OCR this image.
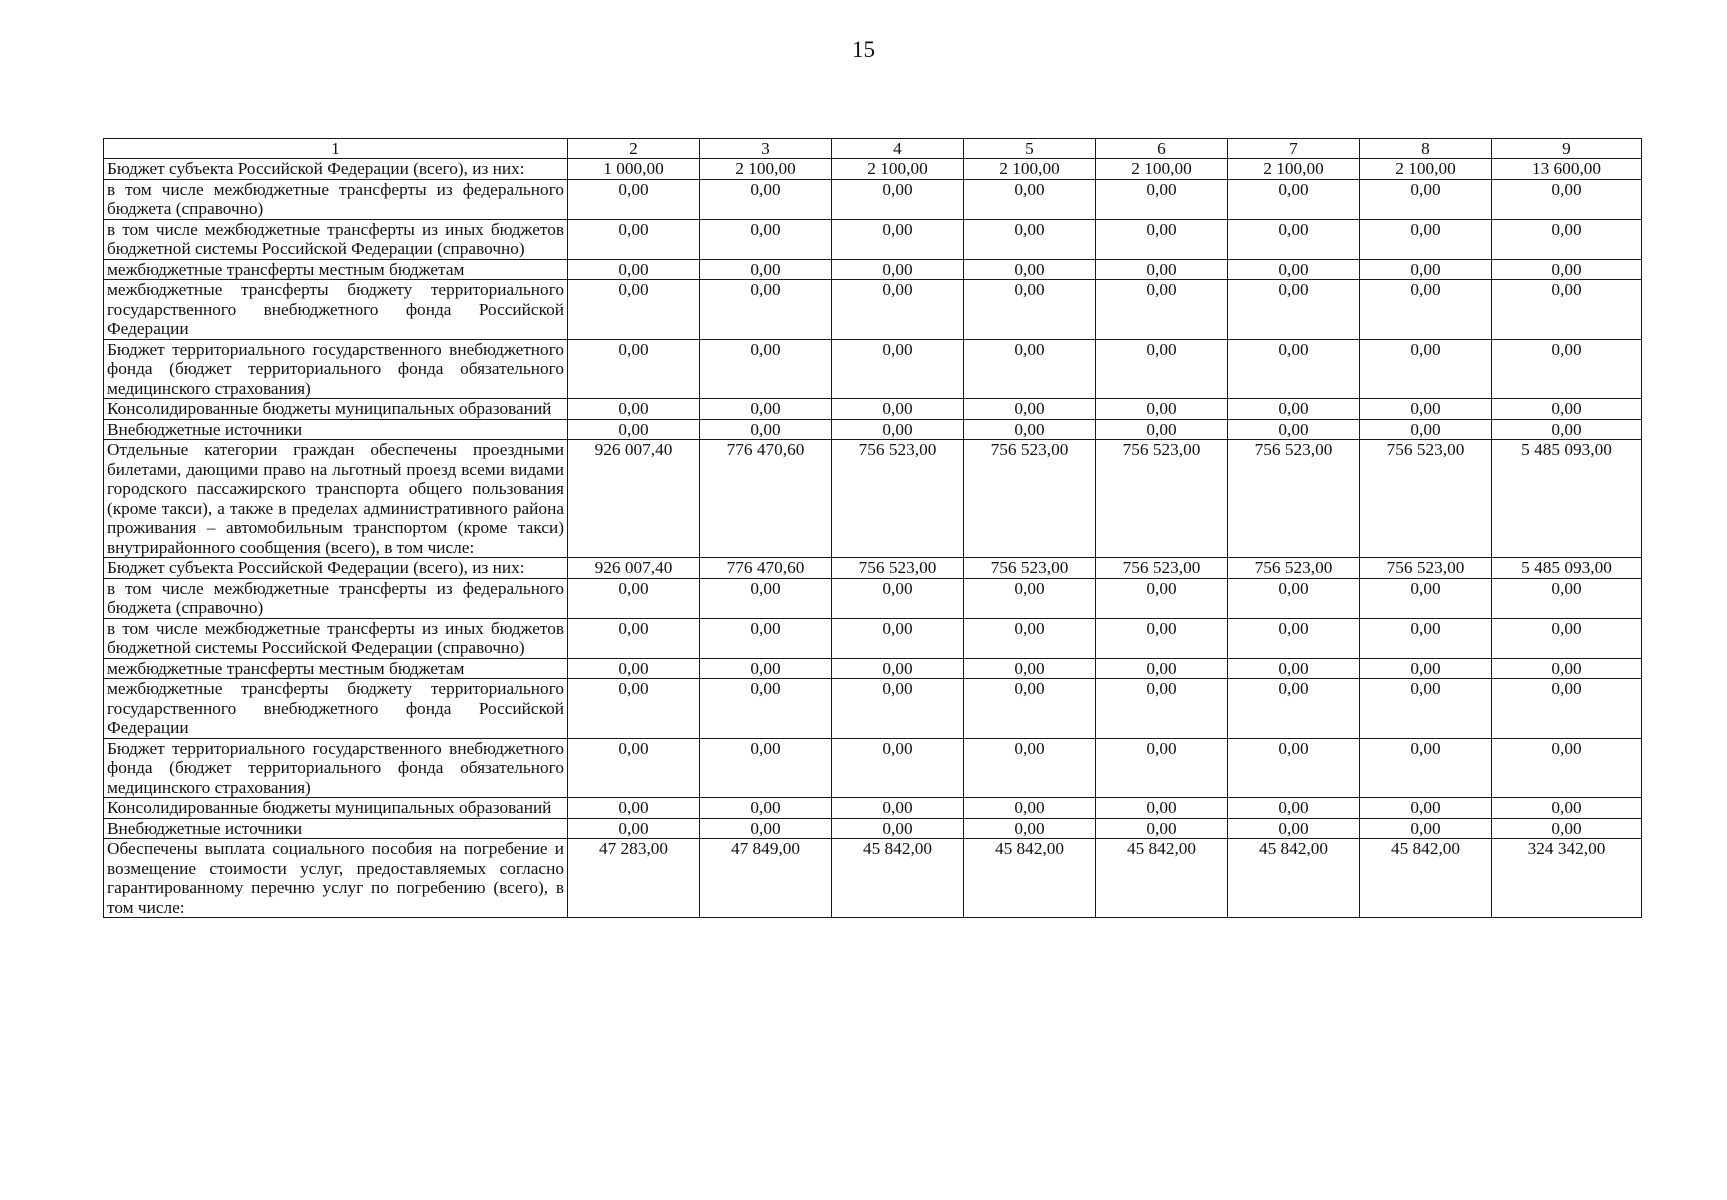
15
1	2	3	4	5	6	7	8	9
Бюджет субъекта Российской Федерации (всего), из них:	1 000,00	2 100,00	2 100,00	2 100,00	2 100,00	2 100,00	2 100,00	13 600,00
в том числе межбюджетные трансферты из федерального бюджета (справочно)	0,00	0,00	0,00	0,00	0,00	0,00	0,00	0,00
в том числе межбюджетные трансферты из иных бюджетов бюджетной системы Российской Федерации (справочно)	0,00	0,00	0,00	0,00	0,00	0,00	0,00	0,00
межбюджетные трансферты местным бюджетам	0,00	0,00	0,00	0,00	0,00	0,00	0,00	0,00
межбюджетные трансферты бюджету территориального государственного внебюджетного фонда Российской Федерации	0,00	0,00	0,00	0,00	0,00	0,00	0,00	0,00
Бюджет территориального государственного внебюджетного фонда (бюджет территориального фонда обязательного медицинского страхования)	0,00	0,00	0,00	0,00	0,00	0,00	0,00	0,00
Консолидированные бюджеты муниципальных образований	0,00	0,00	0,00	0,00	0,00	0,00	0,00	0,00
Внебюджетные источники	0,00	0,00	0,00	0,00	0,00	0,00	0,00	0,00
Отдельные категории граждан обеспечены проездными билетами, дающими право на льготный проезд всеми видами городского пассажирского транспорта общего пользования (кроме такси), а также в пределах административного района проживания – автомобильным транспортом (кроме такси) внутрирайонного сообщения (всего), в том числе:	926 007,40	776 470,60	756 523,00	756 523,00	756 523,00	756 523,00	756 523,00	5 485 093,00
Бюджет субъекта Российской Федерации (всего), из них:	926 007,40	776 470,60	756 523,00	756 523,00	756 523,00	756 523,00	756 523,00	5 485 093,00
в том числе межбюджетные трансферты из федерального бюджета (справочно)	0,00	0,00	0,00	0,00	0,00	0,00	0,00	0,00
в том числе межбюджетные трансферты из иных бюджетов бюджетной системы Российской Федерации (справочно)	0,00	0,00	0,00	0,00	0,00	0,00	0,00	0,00
межбюджетные трансферты местным бюджетам	0,00	0,00	0,00	0,00	0,00	0,00	0,00	0,00
межбюджетные трансферты бюджету территориального государственного внебюджетного фонда Российской Федерации	0,00	0,00	0,00	0,00	0,00	0,00	0,00	0,00
Бюджет территориального государственного внебюджетного фонда (бюджет территориального фонда обязательного медицинского страхования)	0,00	0,00	0,00	0,00	0,00	0,00	0,00	0,00
Консолидированные бюджеты муниципальных образований	0,00	0,00	0,00	0,00	0,00	0,00	0,00	0,00
Внебюджетные источники	0,00	0,00	0,00	0,00	0,00	0,00	0,00	0,00
Обеспечены выплата социального пособия на погребение и возмещение стоимости услуг, предоставляемых согласно гарантированному перечню услуг по погребению (всего), в том числе:	47 283,00	47 849,00	45 842,00	45 842,00	45 842,00	45 842,00	45 842,00	324 342,00
